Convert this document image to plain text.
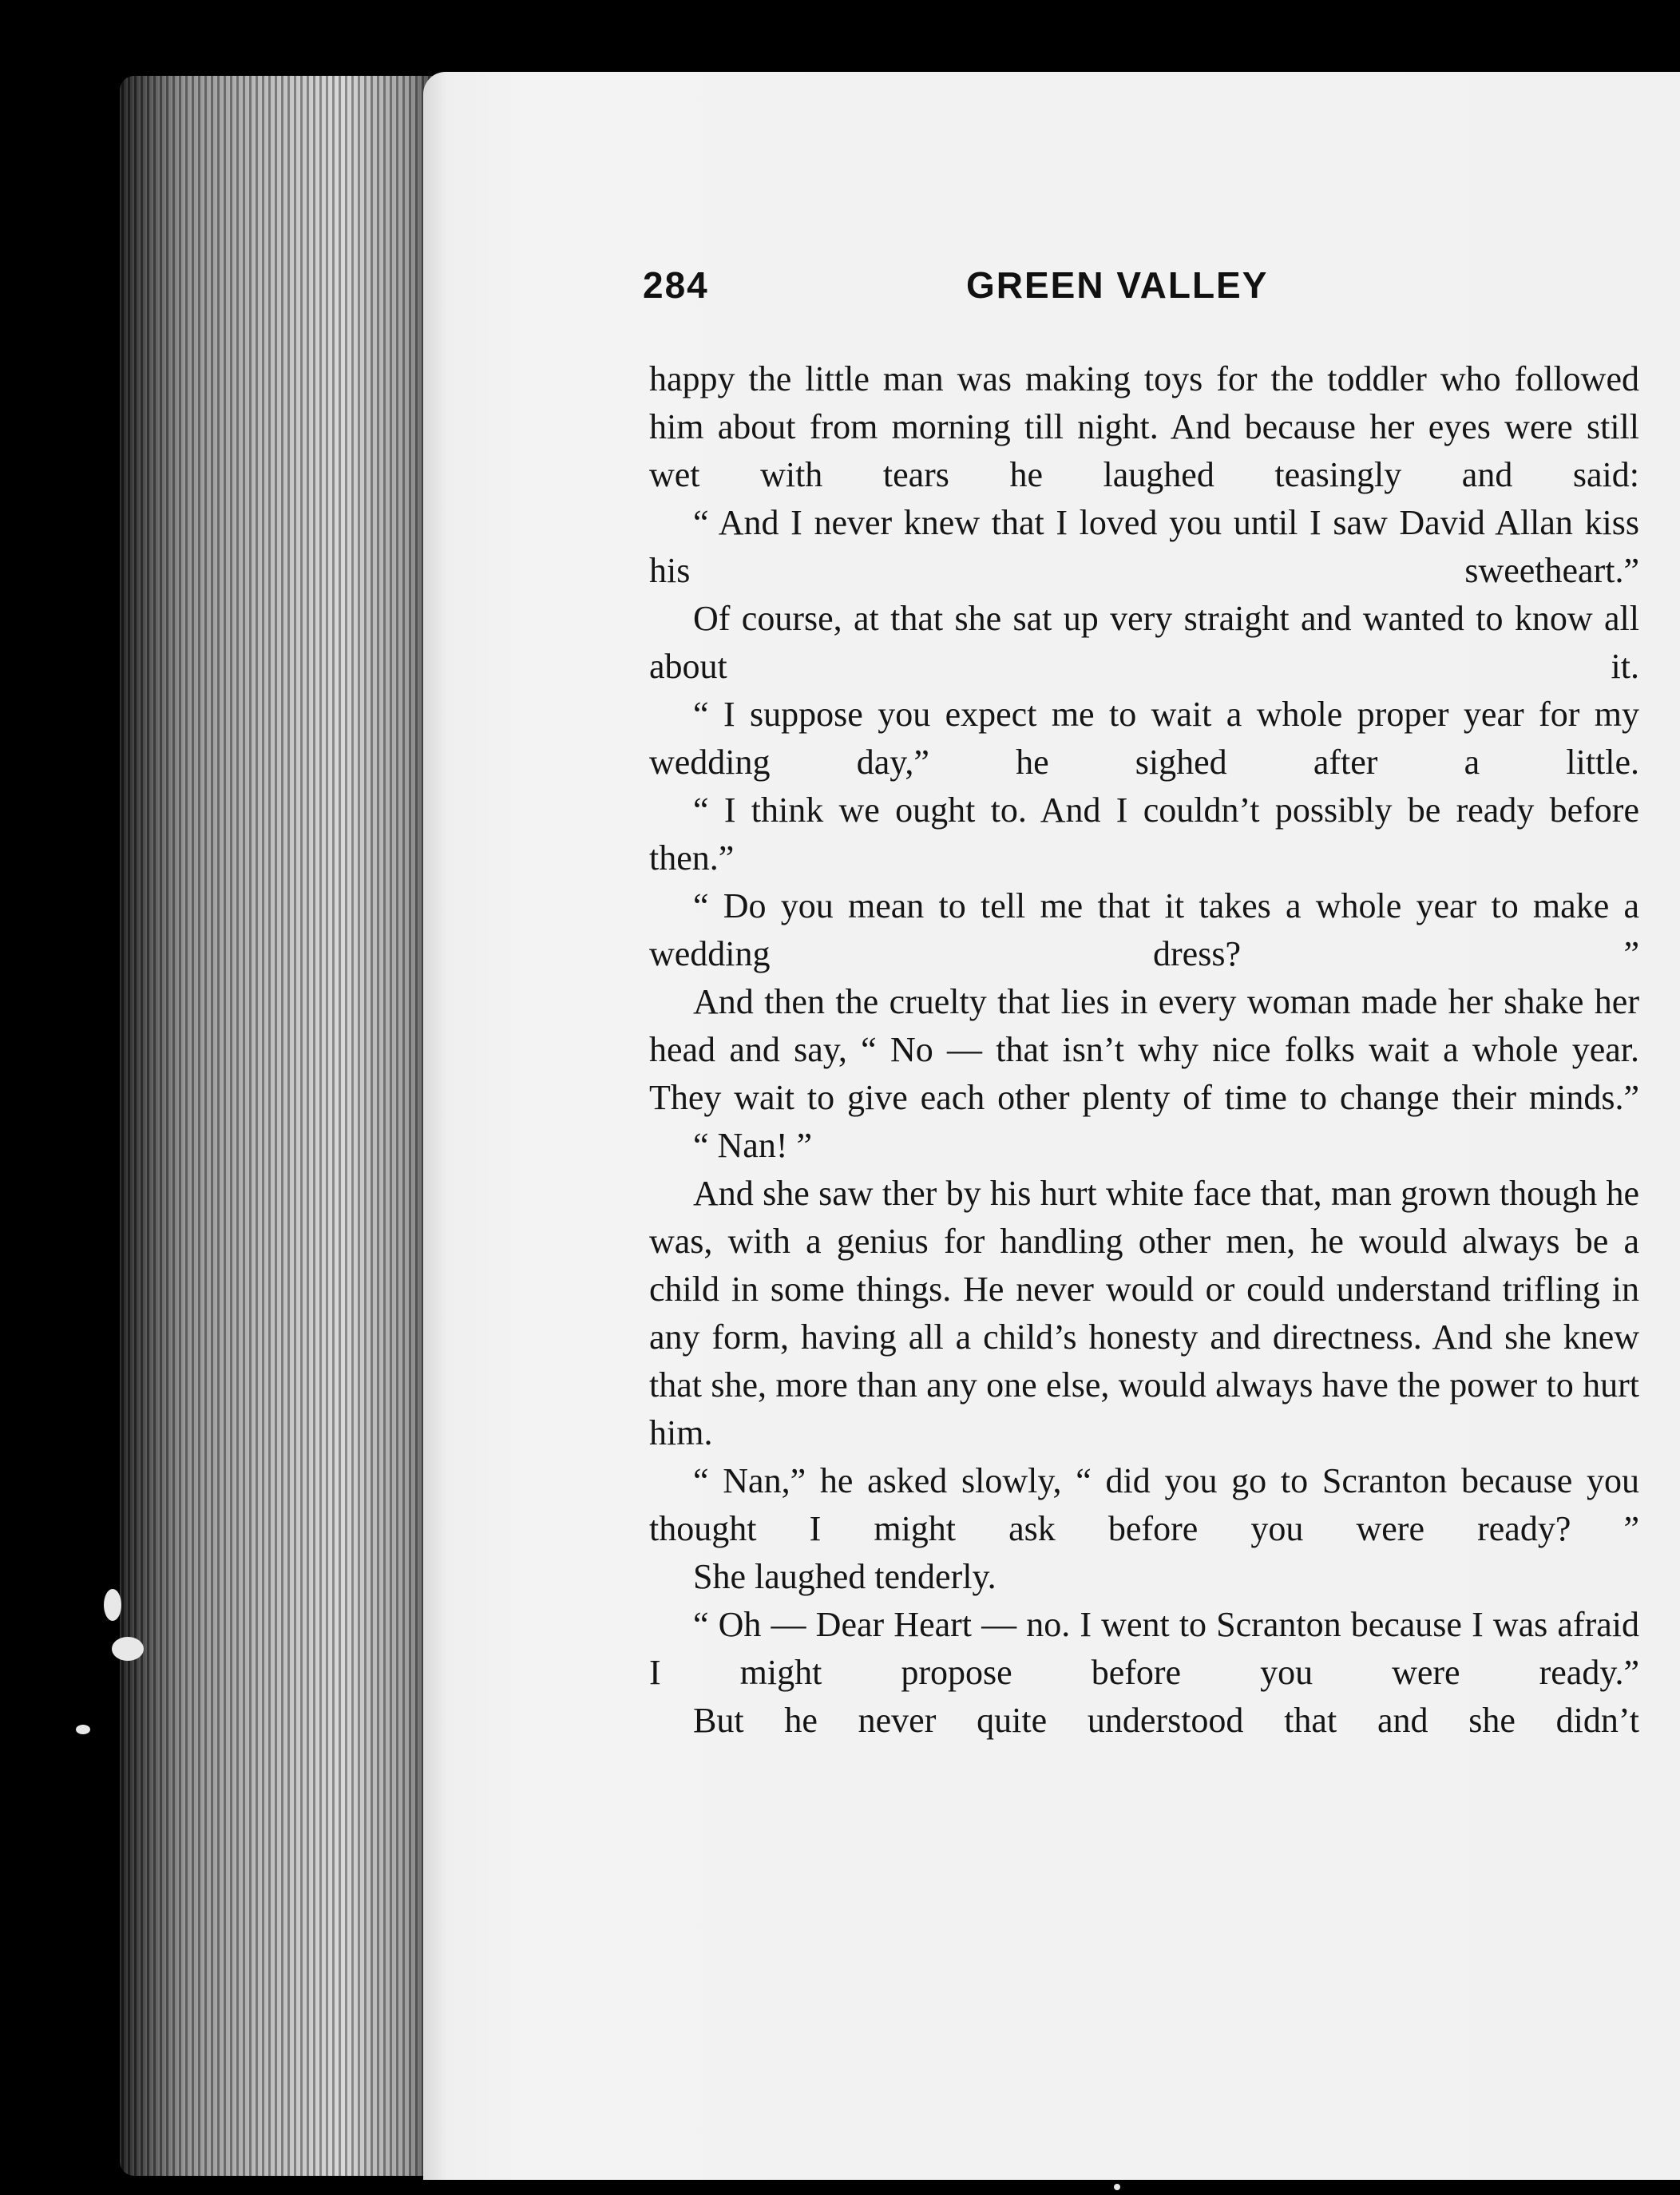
284	GREEN VALLEY

happy the little man was making toys for the toddler who followed him about from morning till night. And because her eyes were still wet with tears he laughed teasingly and said:

“ And I never knew that I loved you until I saw David Allan kiss his sweetheart.”

Of course, at that she sat up very straight and wanted to know all about it.

“ I suppose you expect me to wait a whole proper year for my wedding day,” he sighed after a little.

“ I think we ought to. And I couldn’t possibly be ready before then.”

“ Do you mean to tell me that it takes a whole year to make a wedding dress? ”

And then the cruelty that lies in every woman made her shake her head and say, “ No — that isn’t why nice folks wait a whole year. They wait to give each other plenty of time to change their minds.”

“ Nan! ”

And she saw ther by his hurt white face that, man grown though he was, with a genius for handling other men, he would always be a child in some things. He never would or could understand trifling in any form, having all a child’s honesty and directness. And she knew that she, more than any one else, would always have the power to hurt him.

“ Nan,” he asked slowly, “ did you go to Scranton because you thought I might ask before you were ready? ”

She laughed tenderly.

“ Oh — Dear Heart — no. I went to Scranton because I was afraid I might propose before you were ready.”

But he never quite understood that and she didn’t
